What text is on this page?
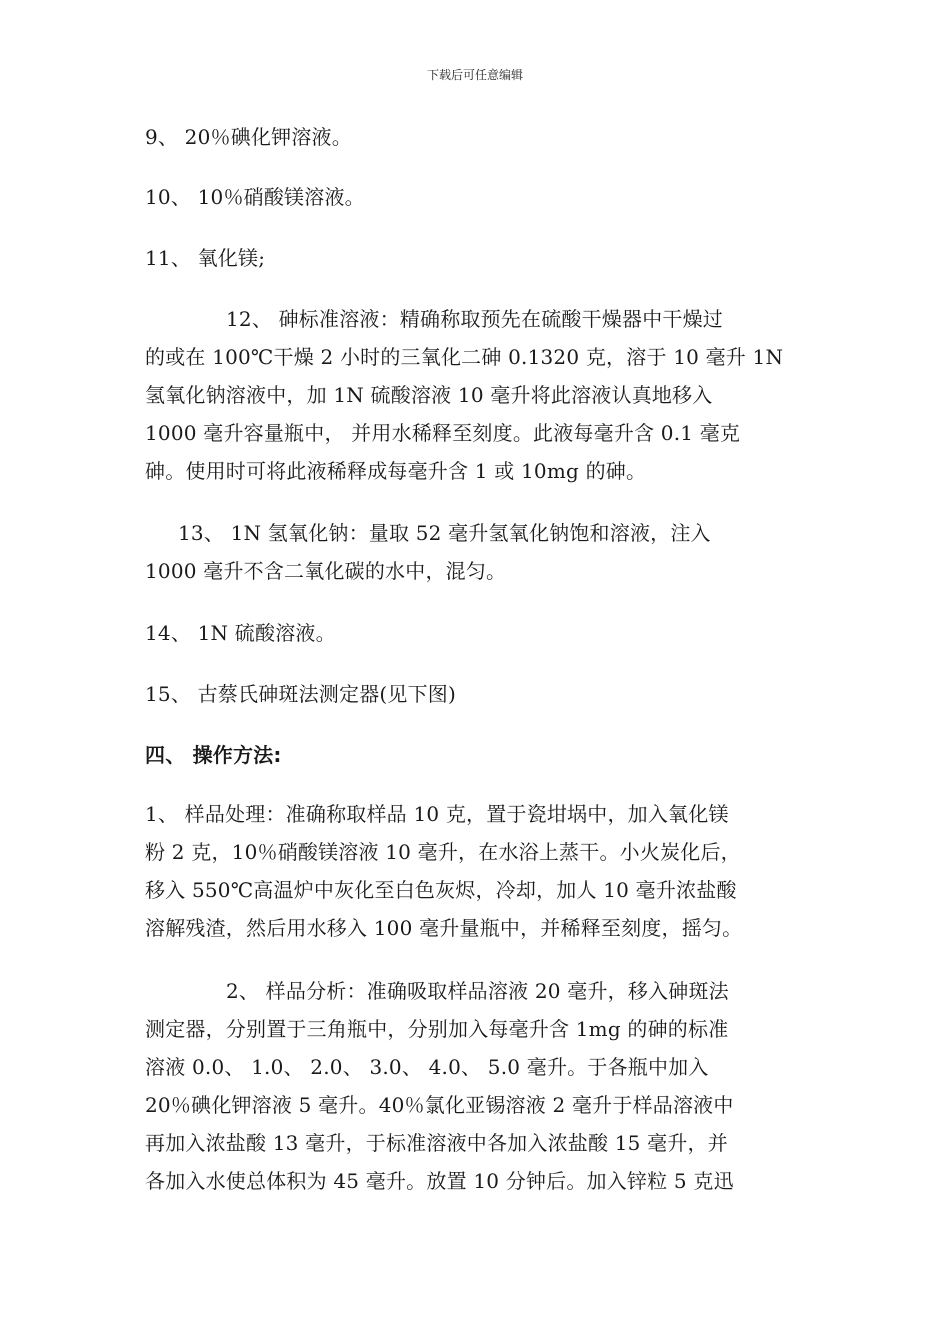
下载后可任意编辑
9、 20％碘化钾溶液。
10、 10％硝酸镁溶液。
11、 氧化镁;
12、 砷标准溶液：精确称取预先在硫酸干燥器中干燥过
的或在 100℃干燥 2 小时的三氧化二砷 0.1320 克，溶于 10 毫升 1N
氢氧化钠溶液中，加 1N 硫酸溶液 10 毫升将此溶液认真地移入
1000 毫升容量瓶中， 并用水稀释至刻度。此液每毫升含 0.1 毫克
砷。使用时可将此液稀释成每毫升含 1 或 10mg 的砷。
13、 1N 氢氧化钠：量取 52 毫升氢氧化钠饱和溶液，注入
1000 毫升不含二氧化碳的水中，混匀。
14、 1N 硫酸溶液。
15、 古蔡氏砷斑法测定器(见下图)
四、 操作方法:
1、 样品处理：准确称取样品 10 克，置于瓷坩埚中，加入氧化镁
粉 2 克，10％硝酸镁溶液 10 毫升，在水浴上蒸干。小火炭化后，
移入 550℃高温炉中灰化至白色灰烬，冷却，加人 10 毫升浓盐酸
溶解残渣，然后用水移入 100 毫升量瓶中，并稀释至刻度，摇匀。
2、 样品分析：准确吸取样品溶液 20 毫升，移入砷斑法
测定器，分别置于三角瓶中，分别加入每毫升含 1mg 的砷的标准
溶液 0.0、 1.0、 2.0、 3.0、 4.0、 5.0 毫升。于各瓶中加入
20％碘化钾溶液 5 毫升。40％氯化亚锡溶液 2 毫升于样品溶液中
再加入浓盐酸 13 毫升，于标准溶液中各加入浓盐酸 15 毫升，并
各加入水使总体积为 45 毫升。放置 10 分钟后。加入锌粒 5 克迅
